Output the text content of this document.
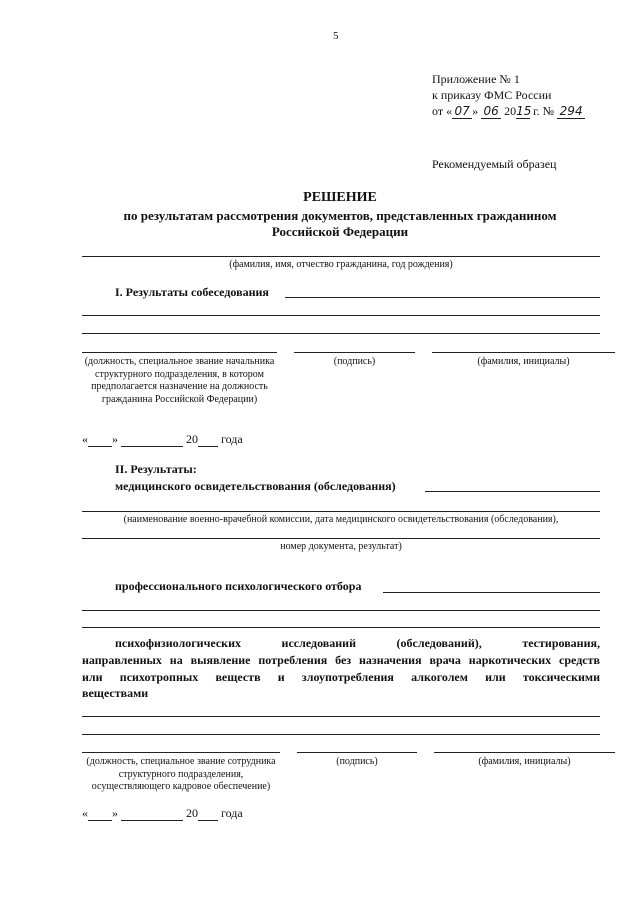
5
Приложение № 1
к приказу ФМС России
от « 07 » 06 2015 г. № 294
Рекомендуемый образец
РЕШЕНИЕ
по результатам рассмотрения документов, представленных гражданином
Российской Федерации
(фамилия, имя, отчество гражданина, год рождения)
I. Результаты собеседования
(должность, специальное звание начальника структурного подразделения, в котором предполагается назначение на должность гражданина Российской Федерации)
(подпись)	(фамилия, инициалы)
« »	20 года
II. Результаты:
медицинского освидетельствования (обследования)
(наименование военно-врачебной комиссии, дата медицинского освидетельствования (обследования),
номер документа, результат)
профессионального психологического отбора
психофизиологических исследований (обследований), тестирования,
направленных на выявление потребления без назначения врача наркотических средств
или психотропных веществ и злоупотребления алкоголем или токсическими
веществами
(должность, специальное звание сотрудника структурного подразделения, осуществляющего кадровое обеспечение)
(подпись)	(фамилия, инициалы)
« »	20 года
